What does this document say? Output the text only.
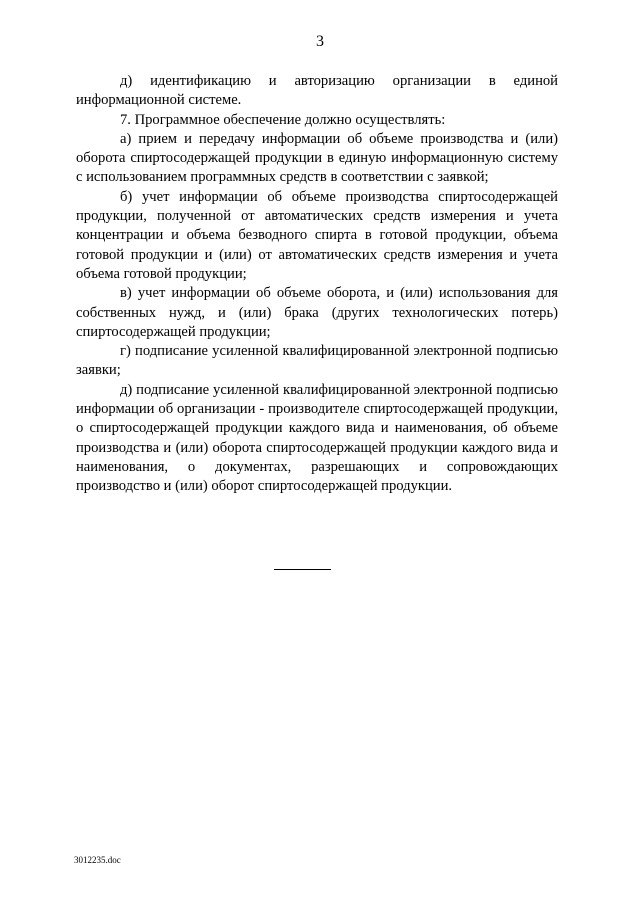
3

д) идентификацию и авторизацию организации в единой информационной системе.

7. Программное обеспечение должно осуществлять:

а) прием и передачу информации об объеме производства и (или) оборота спиртосодержащей продукции в единую информационную систему с использованием программных средств в соответствии с заявкой;

б) учет информации об объеме производства спиртосодержащей продукции, полученной от автоматических средств измерения и учета концентрации и объема безводного спирта в готовой продукции, объема готовой продукции и (или) от автоматических средств измерения и учета объема готовой продукции;

в) учет информации об объеме оборота, и (или) использования для собственных нужд, и (или) брака (других технологических потерь) спиртосодержащей продукции;

г) подписание усиленной квалифицированной электронной подписью заявки;

д) подписание усиленной квалифицированной электронной подписью информации об организации - производителе спиртосодержащей продукции, о спиртосодержащей продукции каждого вида и наименования, об объеме производства и (или) оборота спиртосодержащей продукции каждого вида и наименования, о документах, разрешающих и сопровождающих производство и (или) оборот спиртосодержащей продукции.

3012235.doc
